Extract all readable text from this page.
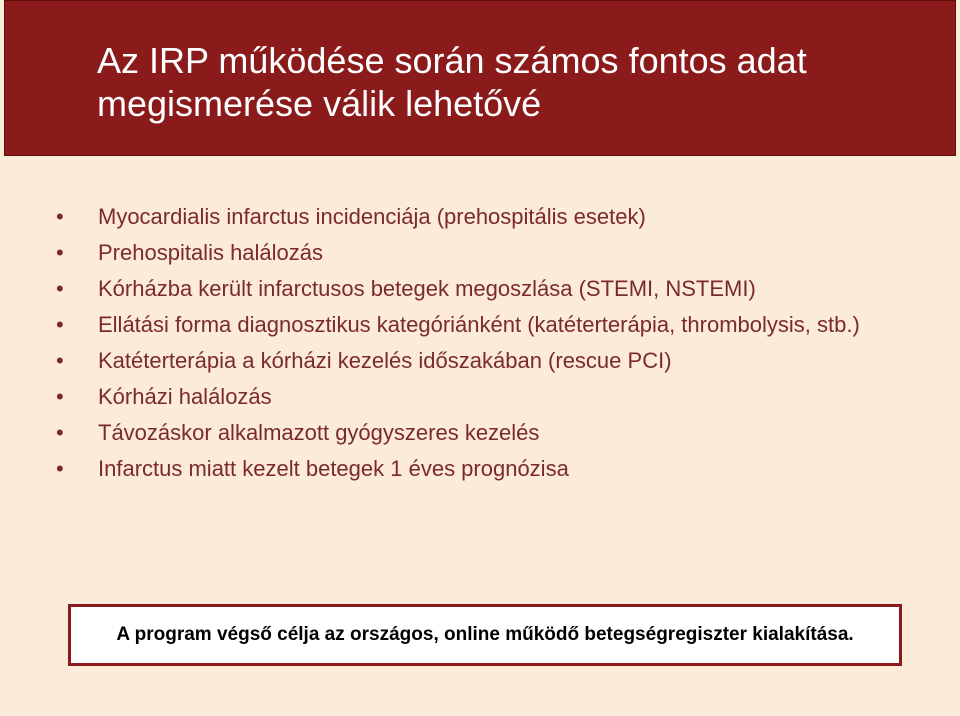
Az IRP működése során számos fontos adat megismerése válik lehetővé
• Myocardialis infarctus incidenciája (prehospitális esetek)
• Prehospitalis halálozás
• Kórházba került infarctusos betegek megoszlása (STEMI, NSTEMI)
• Ellátási forma diagnosztikus kategóriánként (katéterterápia, thrombolysis, stb.)
• Katéterterápia a kórházi kezelés időszakában (rescue PCI)
• Kórházi halálozás
• Távozáskor alkalmazott gyógyszeres kezelés
• Infarctus miatt kezelt betegek 1 éves prognózisa

A program végső célja az országos, online működő betegségregiszter kialakítása.
